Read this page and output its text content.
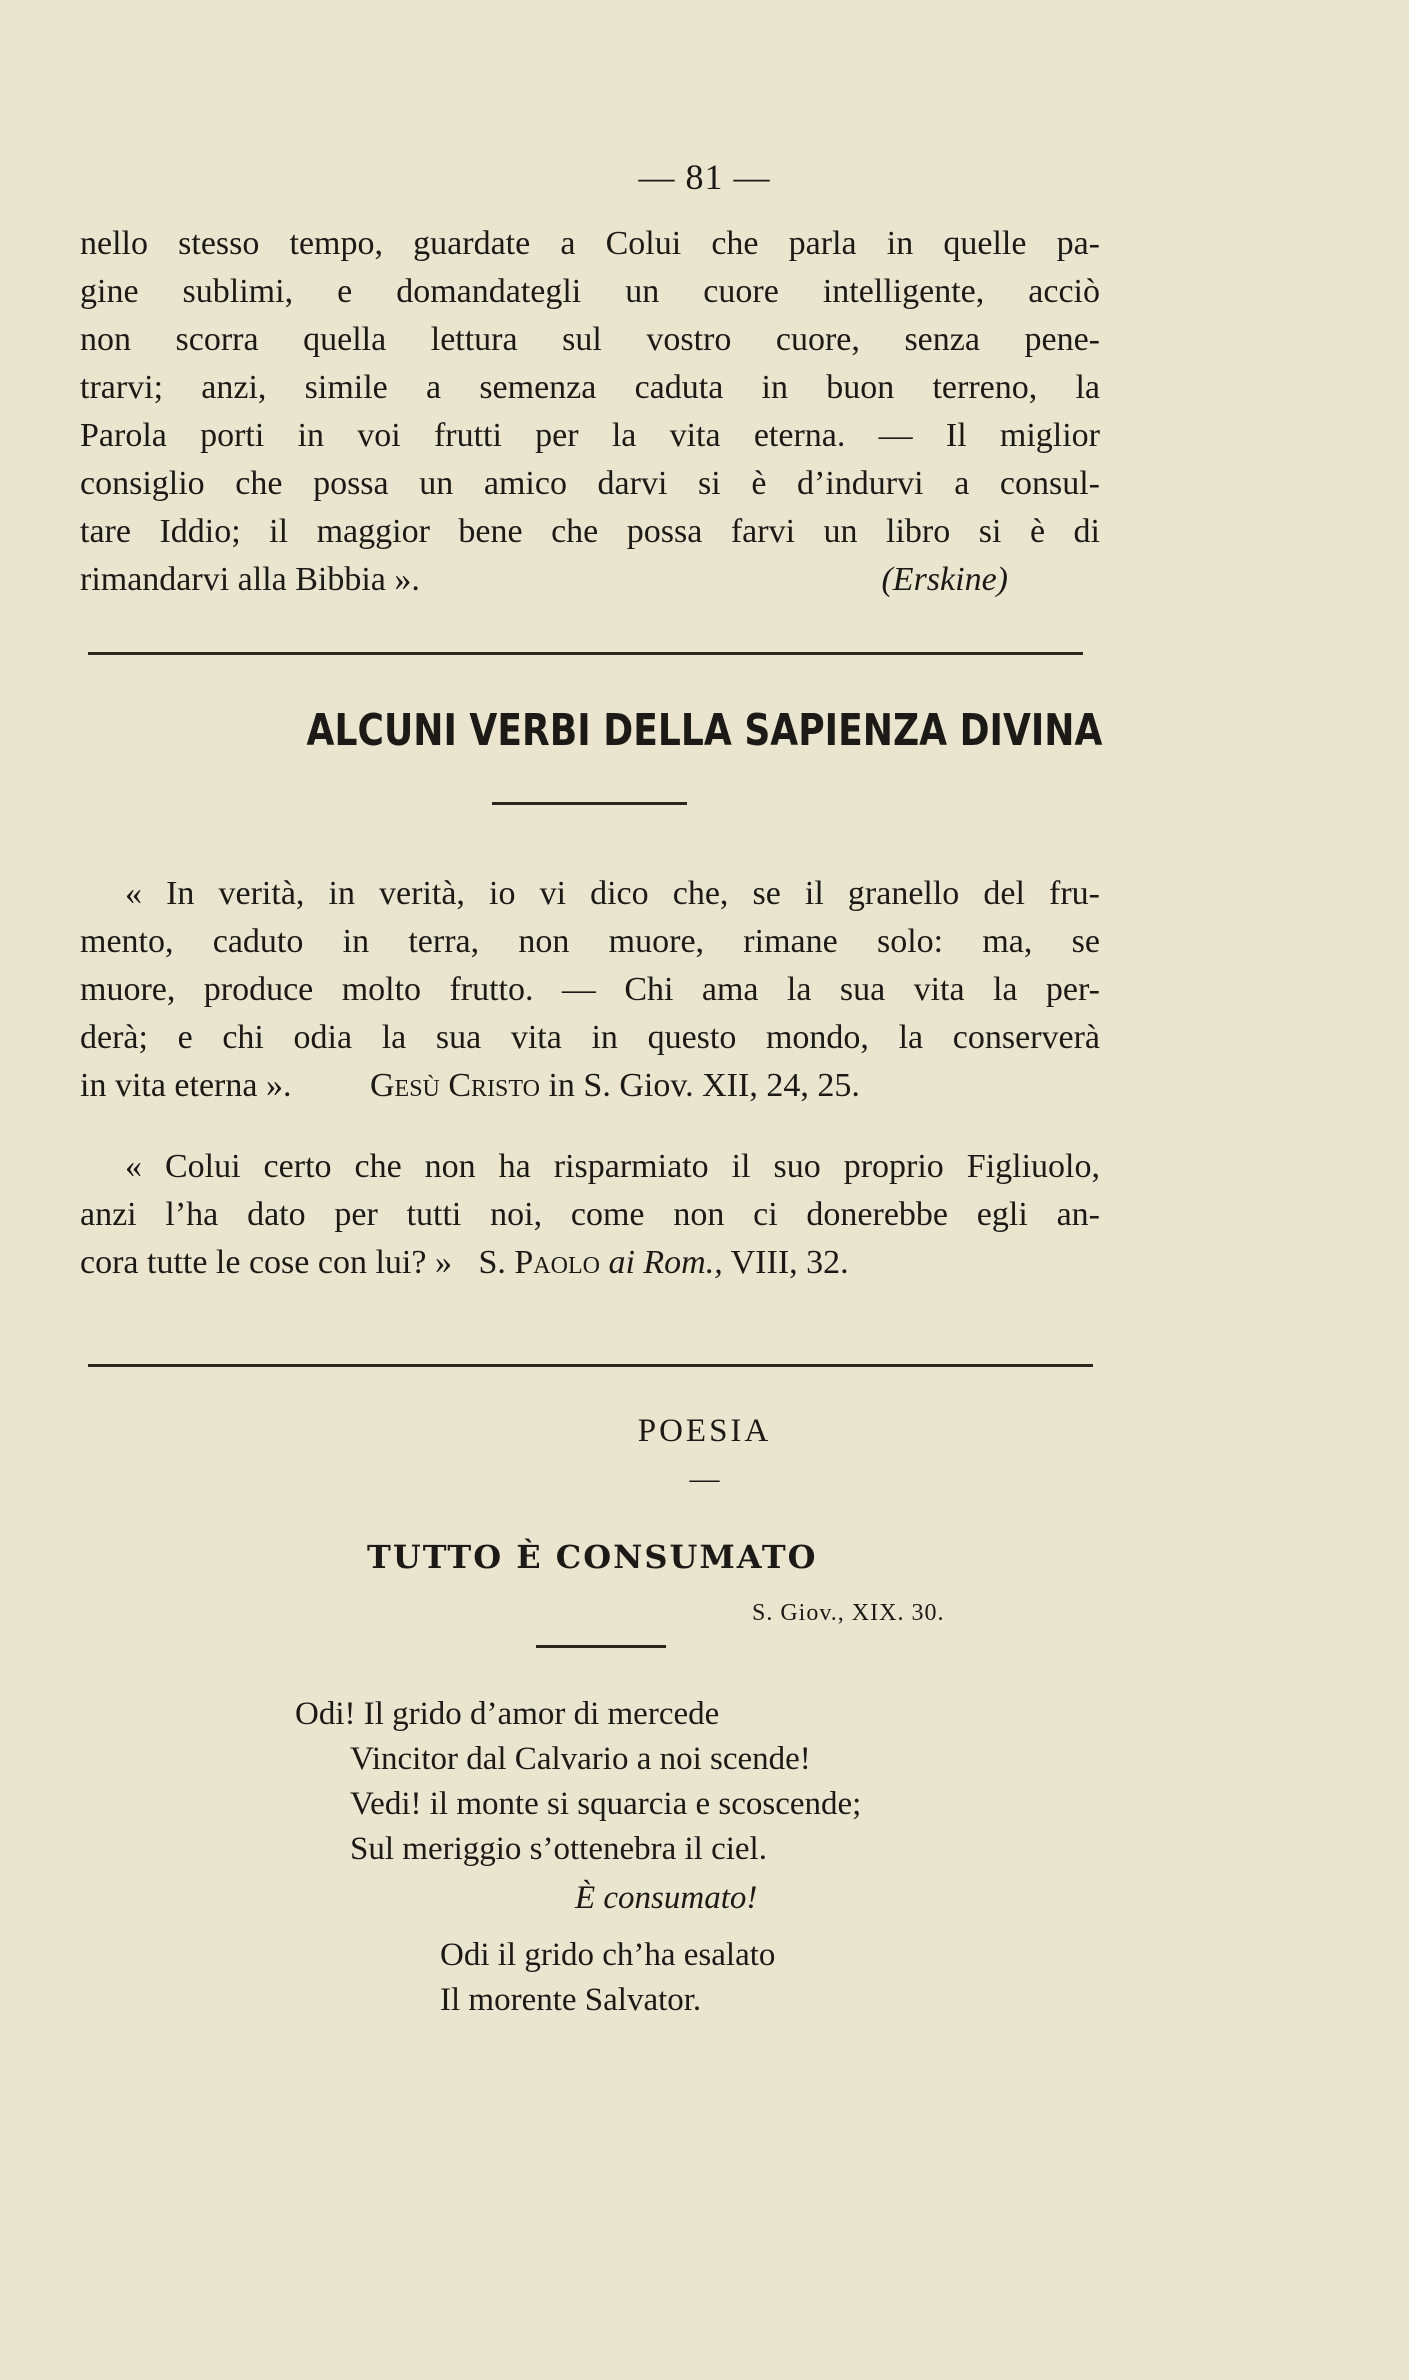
— 81 —
nello stesso tempo, guardate a Colui che parla in quelle pa-
gine sublimi, e domandategli un cuore intelligente, acciò
non scorra quella lettura sul vostro cuore, senza pene-
trarvi; anzi, simile a semenza caduta in buon terreno, la
Parola porti in voi frutti per la vita eterna. — Il miglior
consiglio che possa un amico darvi si è d’indurvi a consul-
tare Iddio; il maggior bene che possa farvi un libro si è di
rimandarvi alla Bibbia ».	(Erskine)
ALCUNI VERBI DELLA SAPIENZA DIVINA
« In verità, in verità, io vi dico che, se il granello del fru-
mento, caduto in terra, non muore, rimane solo: ma, se
muore, produce molto frutto. — Chi ama la sua vita la per-
derà; e chi odia la sua vita in questo mondo, la conserverà
in vita eterna ». Gesù Cristo in S. Giov. XII, 24, 25.
« Colui certo che non ha risparmiato il suo proprio Figliuolo,
anzi l’ha dato per tutti noi, come non ci donerebbe egli an-
cora tutte le cose con lui? » S. Paolo ai Rom., VIII, 32.
POESIA
—
TUTTO È CONSUMATO
S. Giov., XIX. 30.
Odi! Il grido d’amor di mercede
Vincitor dal Calvario a noi scende!
Vedi! il monte si squarcia e scoscende;
Sul meriggio s’ottenebra il ciel.
È consumato!
Odi il grido ch’ha esalato
Il morente Salvator.
